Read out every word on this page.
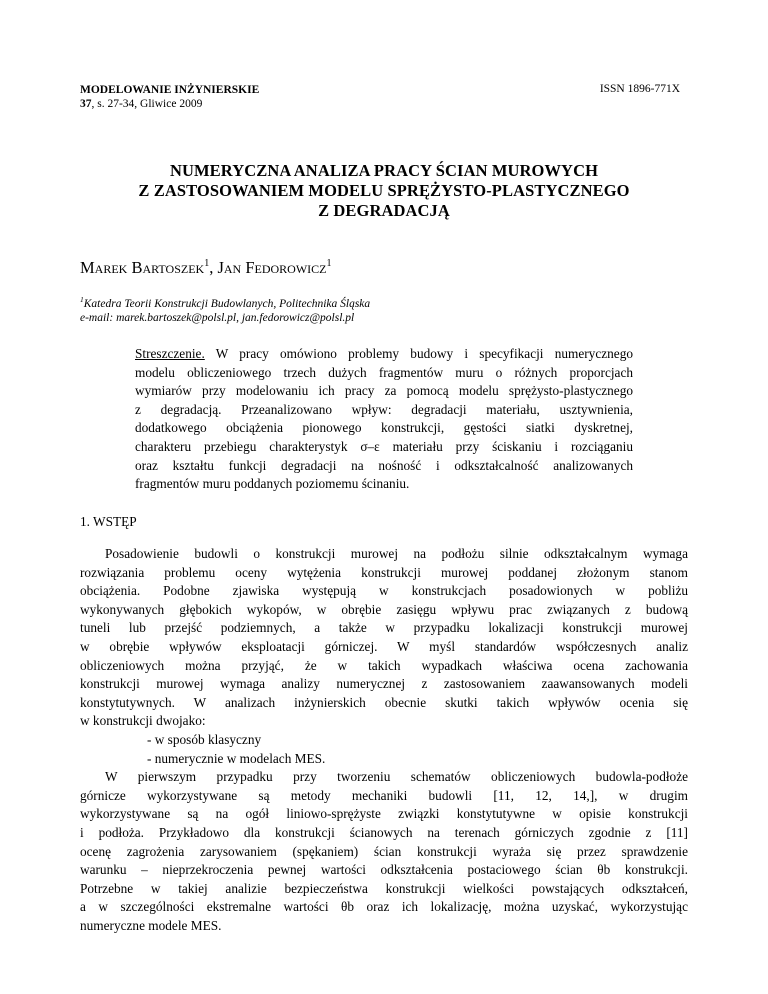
MODELOWANIE INŻYNIERSKIE
37, s. 27-34, Gliwice 2009
ISSN 1896-771X
NUMERYCZNA ANALIZA PRACY ŚCIAN MUROWYCH
Z ZASTOSOWANIEM MODELU SPRĘŻYSTO-PLASTYCZNEGO
Z DEGRADACJĄ
Marek Bartoszek$^1$, Jan Fedorowicz$^1$
$^1$Katedra Teorii Konstrukcji Budowlanych, Politechnika Śląska
e-mail: marek.bartoszek@polsl.pl, jan.fedorowicz@polsl.pl
Streszczenie. W pracy omówiono problemy budowy i specyfikacji numerycznego
modelu obliczeniowego trzech dużych fragmentów muru o różnych proporcjach
wymiarów przy modelowaniu ich pracy za pomocą modelu sprężysto-plastycznego
z degradacją. Przeanalizowano wpływ: degradacji materiału, usztywnienia,
dodatkowego obciążenia pionowego konstrukcji, gęstości siatki dyskretnej,
charakteru przebiegu charakterystyk σ–ε materiału przy ściskaniu i rozciąganiu
oraz kształtu funkcji degradacji na nośność i odkształcalność analizowanych
fragmentów muru poddanych poziomemu ścinaniu.
1. WSTĘP
Posadowienie budowli o konstrukcji murowej na podłożu silnie odkształcalnym wymaga
rozwiązania problemu oceny wytężenia konstrukcji murowej poddanej złożonym stanom
obciążenia. Podobne zjawiska występują w konstrukcjach posadowionych w pobliżu
wykonywanych głębokich wykopów, w obrębie zasięgu wpływu prac związanych z budową
tuneli lub przejść podziemnych, a także w przypadku lokalizacji konstrukcji murowej
w obrębie wpływów eksploatacji górniczej. W myśl standardów współczesnych analiz
obliczeniowych można przyjąć, że w takich wypadkach właściwa ocena zachowania
konstrukcji murowej wymaga analizy numerycznej z zastosowaniem zaawansowanych modeli
konstytutywnych. W analizach inżynierskich obecnie skutki takich wpływów ocenia się
w konstrukcji dwojako:
- w sposób klasyczny
- numerycznie w modelach MES.
W pierwszym przypadku przy tworzeniu schematów obliczeniowych budowla-podłoże
górnicze wykorzystywane są metody mechaniki budowli [11, 12, 14,], w drugim
wykorzystywane są na ogół liniowo-sprężyste związki konstytutywne w opisie konstrukcji
i podłoża. Przykładowo dla konstrukcji ścianowych na terenach górniczych zgodnie z [11]
ocenę zagrożenia zarysowaniem (spękaniem) ścian konstrukcji wyraża się przez sprawdzenie
warunku – nieprzekroczenia pewnej wartości odkształcenia postaciowego ścian θb konstrukcji.
Potrzebne w takiej analizie bezpieczeństwa konstrukcji wielkości powstających odkształceń,
a w szczególności ekstremalne wartości θb oraz ich lokalizację, można uzyskać, wykorzystując
numeryczne modele MES.
